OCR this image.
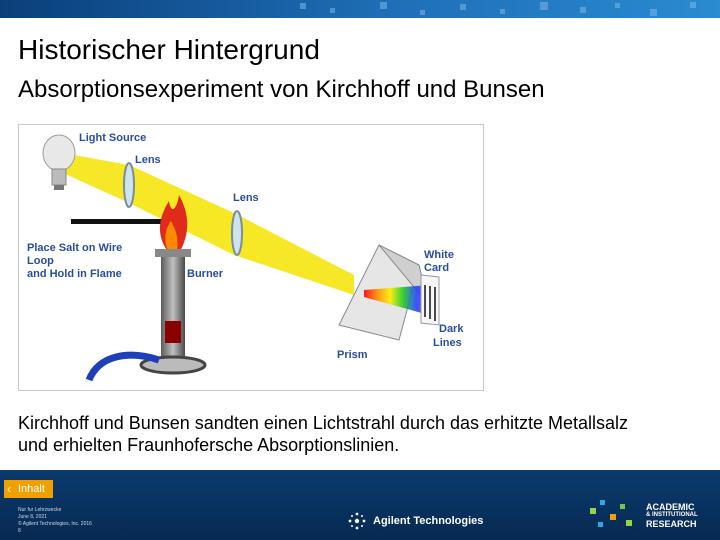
Historischer Hintergrund
Absorptionsexperiment von Kirchhoff und Bunsen
Light Source
Lens
Lens
Place Salt on Wire
Loop
and Hold in Flame	Burner
White
Card
Dark
Lines
Prism
Kirchhoff und Bunsen sandten einen Lichtstrahl durch das erhitzte Metallsalz und erhielten Fraunhofersche Absorptionslinien.
‹ Inhalt
Nur fur Lehrzwecke
June 8, 2021
© Agilent Technologies, Inc. 2016
8
Agilent Technologies
ACADEMIC
& INSTITUTIONAL
RESEARCH
